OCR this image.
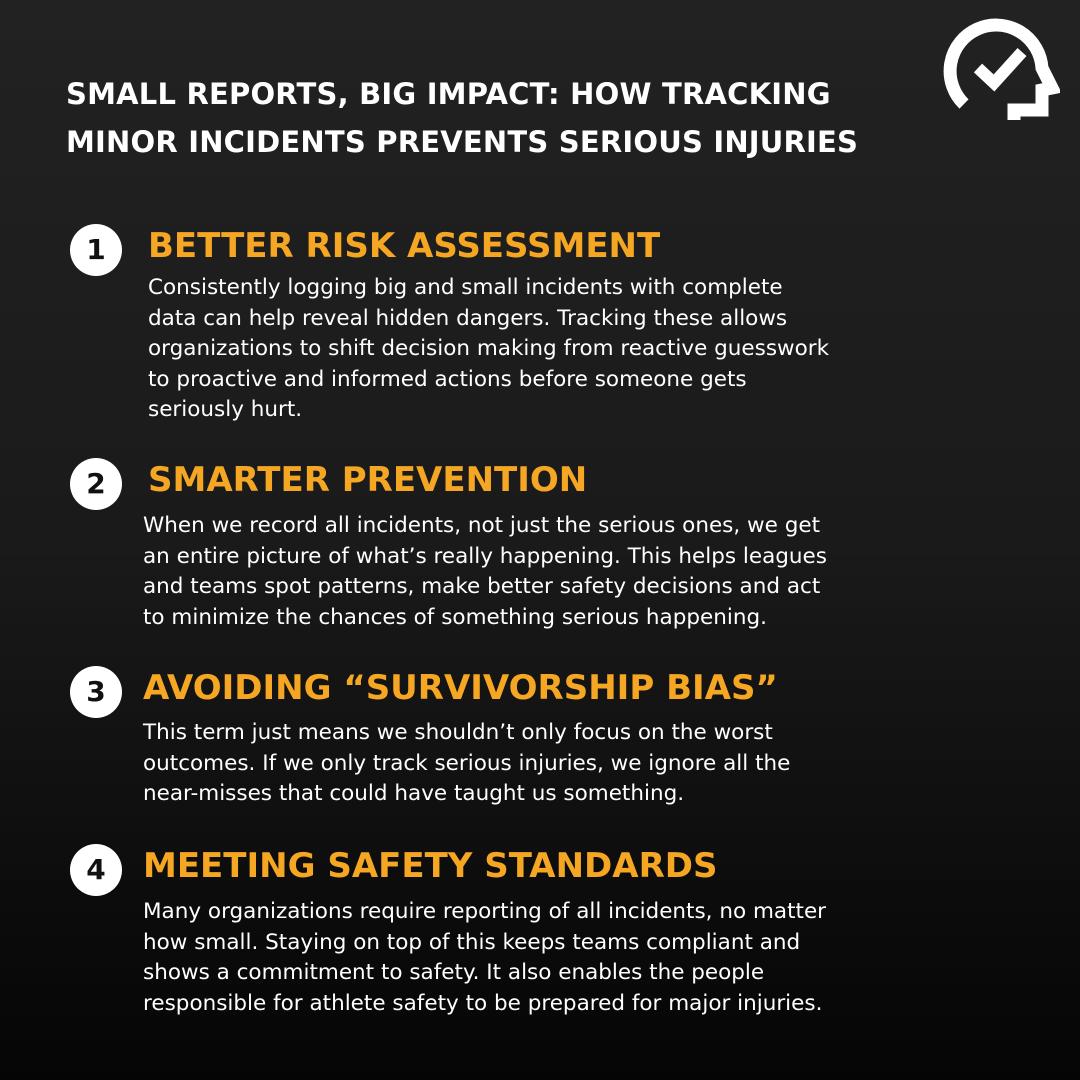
SMALL REPORTS, BIG IMPACT: HOW TRACKING
MINOR INCIDENTS PREVENTS SERIOUS INJURIES
1	BETTER RISK ASSESSMENT
Consistently logging big and small incidents with complete
data can help reveal hidden dangers. Tracking these allows
organizations to shift decision making from reactive guesswork
to proactive and informed actions before someone gets
seriously hurt.
2	SMARTER PREVENTION
When we record all incidents, not just the serious ones, we get
an entire picture of what’s really happening. This helps leagues
and teams spot patterns, make better safety decisions and act
to minimize the chances of something serious happening.
3	AVOIDING “SURVIVORSHIP BIAS”
This term just means we shouldn’t only focus on the worst
outcomes. If we only track serious injuries, we ignore all the
near-misses that could have taught us something.
4	MEETING SAFETY STANDARDS
Many organizations require reporting of all incidents, no matter
how small. Staying on top of this keeps teams compliant and
shows a commitment to safety. It also enables the people
responsible for athlete safety to be prepared for major injuries.
